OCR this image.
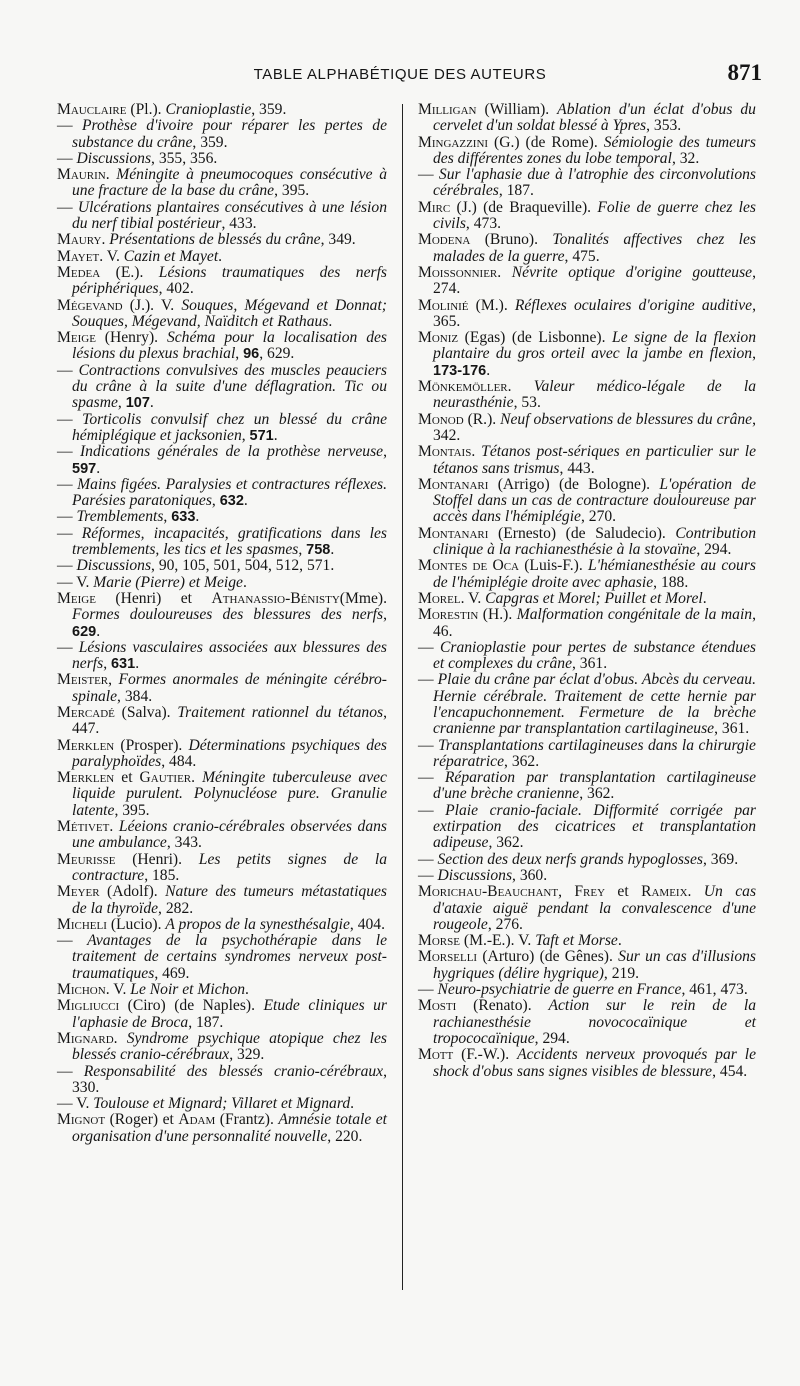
TABLE ALPHABÉTIQUE DES AUTEURS	871

Mauclaire (Pl.). Cranioplastie, 359.

— Prothèse d'ivoire pour réparer les pertes de substance du crâne, 359.

— Discussions, 355, 356.

Maurin. Méningite à pneumocoques consécutive à une fracture de la base du crâne, 395.

— Ulcérations plantaires consécutives à une lésion du nerf tibial postérieur, 433.

Maury. Présentations de blessés du crâne, 349.

Mayet. V. Cazin et Mayet.

Medea (E.). Lésions traumatiques des nerfs périphériques, 402.

Mégevand (J.). V. Souques, Mégevand et Donnat; Souques, Mégevand, Naïditch et Rathaus.

Meige (Henry). Schéma pour la localisation des lésions du plexus brachial, 96, 629.

— Contractions convulsives des muscles peauciers du crâne à la suite d'une déflagration. Tic ou spasme, 107.

— Torticolis convulsif chez un blessé du crâne hémiplégique et jacksonien, 571.

— Indications générales de la prothèse nerveuse, 597.

— Mains figées. Paralysies et contractures réflexes. Parésies paratoniques, 632.

— Tremblements, 633.

— Réformes, incapacités, gratifications dans les tremblements, les tics et les spasmes, 758.

— Discussions, 90, 105, 501, 504, 512, 571.

— V. Marie (Pierre) et Meige.

Meige (Henri) et Athanassio-Bénisty(Mme). Formes douloureuses des blessures des nerfs, 629.

— Lésions vasculaires associées aux blessures des nerfs, 631.

Meister, Formes anormales de méningite cérébro-spinale, 384.

Mercadé (Salva). Traitement rationnel du tétanos, 447.

Merklen (Prosper). Déterminations psychiques des paralyphoïdes, 484.

Merklen et Gautier. Méningite tuberculeuse avec liquide purulent. Polynucléose pure. Granulie latente, 395.

Métivet. Léeions cranio-cérébrales observées dans une ambulance, 343.

Meurisse (Henri). Les petits signes de la contracture, 185.

Meyer (Adolf). Nature des tumeurs métastatiques de la thyroïde, 282.

Micheli (Lucio). A propos de la synesthésalgie, 404.

— Avantages de la psychothérapie dans le traitement de certains syndromes nerveux post-traumatiques, 469.

Michon. V. Le Noir et Michon.

Migliucci (Ciro) (de Naples). Etude cliniques ur l'aphasie de Broca, 187.

Mignard. Syndrome psychique atopique chez les blessés cranio-cérébraux, 329.

— Responsabilité des blessés cranio-cérébraux, 330.

— V. Toulouse et Mignard; Villaret et Mignard.

Mignot (Roger) et Adam (Frantz). Amnésie totale et organisation d'une personnalité nouvelle, 220.

Milligan (William). Ablation d'un éclat d'obus du cervelet d'un soldat blessé à Ypres, 353.

Mingazzini (G.) (de Rome). Sémiologie des tumeurs des différentes zones du lobe temporal, 32.

— Sur l'aphasie due à l'atrophie des circonvolutions cérébrales, 187.

Mirc (J.) (de Braqueville). Folie de guerre chez les civils, 473.

Modena (Bruno). Tonalités affectives chez les malades de la guerre, 475.

Moissonnier. Névrite optique d'origine goutteuse, 274.

Molinié (M.). Réflexes oculaires d'origine auditive, 365.

Moniz (Egas) (de Lisbonne). Le signe de la flexion plantaire du gros orteil avec la jambe en flexion, 173-176.

Mönkemöller. Valeur médico-légale de la neurasthénie, 53.

Monod (R.). Neuf observations de blessures du crâne, 342.

Montais. Tétanos post-sériques en particulier sur le tétanos sans trismus, 443.

Montanari (Arrigo) (de Bologne). L'opération de Stoffel dans un cas de contracture douloureuse par accès dans l'hémiplégie, 270.

Montanari (Ernesto) (de Saludecio). Contribution clinique à la rachianesthésie à la stovaïne, 294.

Montes de Oca (Luis-F.). L'hémianesthésie au cours de l'hémiplégie droite avec aphasie, 188.

Morel. V. Capgras et Morel; Puillet et Morel.

Morestin (H.). Malformation congénitale de la main, 46.

— Cranioplastie pour pertes de substance étendues et complexes du crâne, 361.

— Plaie du crâne par éclat d'obus. Abcès du cerveau. Hernie cérébrale. Traitement de cette hernie par l'encapuchonnement. Fermeture de la brèche cranienne par transplantation cartilagineuse, 361.

— Transplantations cartilagineuses dans la chirurgie réparatrice, 362.

— Réparation par transplantation cartilagineuse d'une brèche cranienne, 362.

— Plaie cranio-faciale. Difformité corrigée par extirpation des cicatrices et transplantation adipeuse, 362.

— Section des deux nerfs grands hypoglosses, 369.

— Discussions, 360.

Morichau-Beauchant, Frey et Rameix. Un cas d'ataxie aiguë pendant la convalescence d'une rougeole, 276.

Morse (M.-E.). V. Taft et Morse.

Morselli (Arturo) (de Gênes). Sur un cas d'illusions hygriques (délire hygrique), 219.

— Neuro-psychiatrie de guerre en France, 461, 473.

Mosti (Renato). Action sur le rein de la rachianesthésie novococaïnique et tropococaïnique, 294.

Mott (F.-W.). Accidents nerveux provoqués par le shock d'obus sans signes visibles de blessure, 454.
